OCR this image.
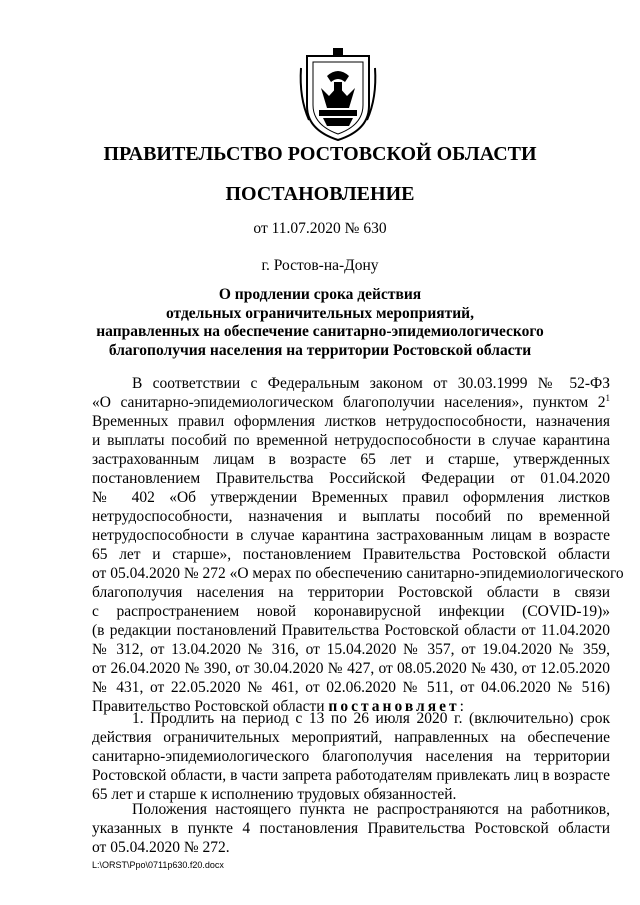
ПРАВИТЕЛЬСТВО РОСТОВСКОЙ ОБЛАСТИ
ПОСТАНОВЛЕНИЕ
от 11.07.2020 № 630
г. Ростов-на-Дону
О продлении срока действия
отдельных ограничительных мероприятий,
направленных на обеспечение санитарно-эпидемиологического
благополучия населения на территории Ростовской области
В соответствии с Федеральным законом от 30.03.1999 № 52-ФЗ
«О санитарно-эпидемиологическом благополучии населения», пунктом $2^1$
Временных правил оформления листков нетрудоспособности, назначения
и выплаты пособий по временной нетрудоспособности в случае карантина
застрахованным лицам в возрасте 65 лет и старше, утвержденных
постановлением Правительства Российской Федерации от 01.04.2020
№ 402 «Об утверждении Временных правил оформления листков
нетрудоспособности, назначения и выплаты пособий по временной
нетрудоспособности в случае карантина застрахованным лицам в возрасте
65 лет и старше», постановлением Правительства Ростовской области
от 05.04.2020 № 272 «О мерах по обеспечению санитарно-эпидемиологического
благополучия населения на территории Ростовской области в связи
с распространением новой коронавирусной инфекции (COVID-19)»
(в редакции постановлений Правительства Ростовской области от 11.04.2020
№ 312, от 13.04.2020 № 316, от 15.04.2020 № 357, от 19.04.2020 № 359,
от 26.04.2020 № 390, от 30.04.2020 № 427, от 08.05.2020 № 430, от 12.05.2020
№ 431, от 22.05.2020 № 461, от 02.06.2020 № 511, от 04.06.2020 № 516)
Правительство Ростовской области постановляет:
1. Продлить на период с 13 по 26 июля 2020 г. (включительно) срок
действия ограничительных мероприятий, направленных на обеспечение
санитарно-эпидемиологического благополучия населения на территории
Ростовской области, в части запрета работодателям привлекать лиц в возрасте
65 лет и старше к исполнению трудовых обязанностей.
Положения настоящего пункта не распространяются на работников,
указанных в пункте 4 постановления Правительства Ростовской области
от 05.04.2020 № 272.
L:\ORST\Ppo\0711p630.f20.docx
